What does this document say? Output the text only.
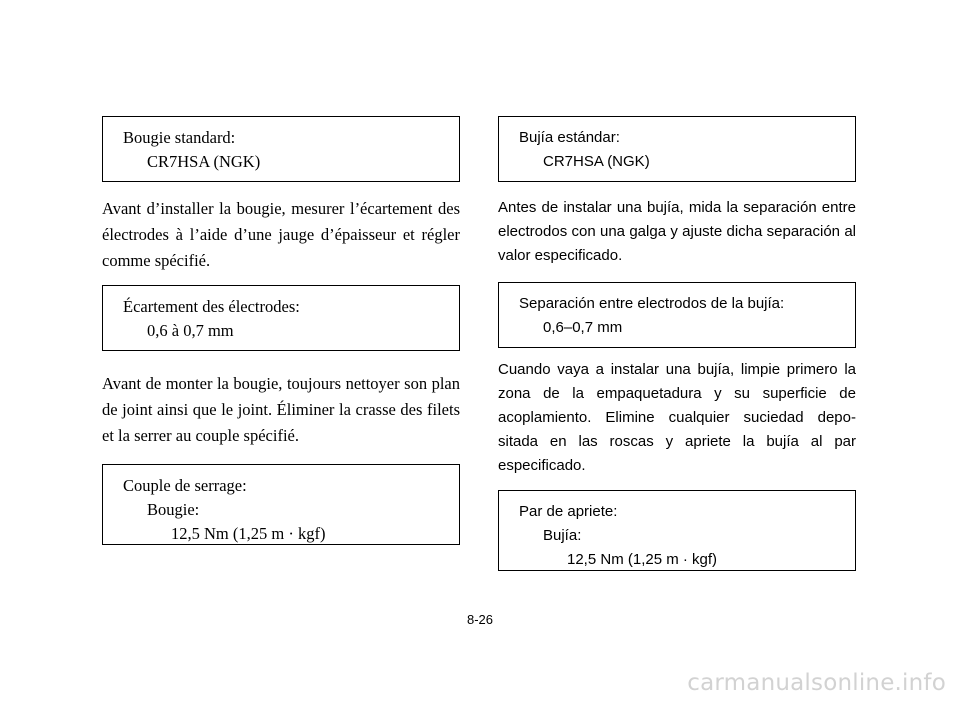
Bougie standard:
CR7HSA (NGK)

Avant d’installer la bougie, mesurer l’écartement des électrodes à l’aide d’une jauge d’épaisseur et régler comme spécifié.

Écartement des électrodes:
0,6 à 0,7 mm

Avant de monter la bougie, toujours nettoyer son plan de joint ainsi que le joint. Éliminer la crasse des filets et la serrer au couple spécifié.

Couple de serrage:
Bougie:
12,5 Nm (1,25 m · kgf)
Bujía estándar:
CR7HSA (NGK)

Antes de instalar una bujía, mida la separación entre electrodos con una galga y ajuste dicha separación al valor especificado.

Separación entre electrodos de la bujía:
0,6–0,7 mm

Cuando vaya a instalar una bujía, limpie primero la zona de la empaquetadura y su superficie de acoplamiento. Elimine cualquier suciedad depo-sitada en las roscas y apriete la bujía al par especificado.

Par de apriete:
Bujía:
12,5 Nm (1,25 m · kgf)
8-26
carmanualsonline.info
